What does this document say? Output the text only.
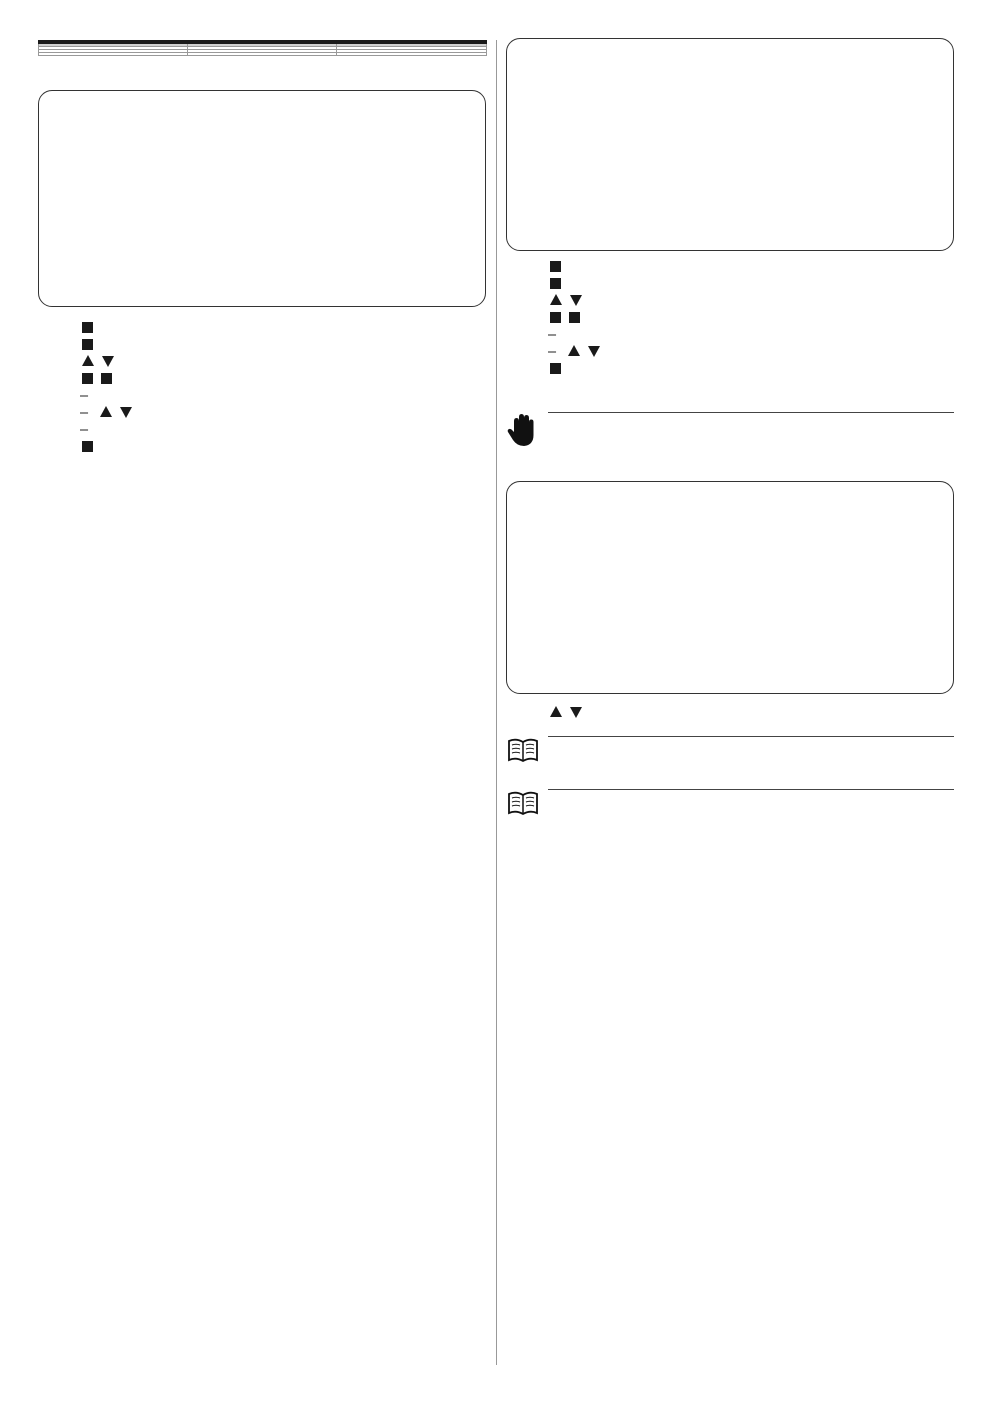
–
–

–

–
–
